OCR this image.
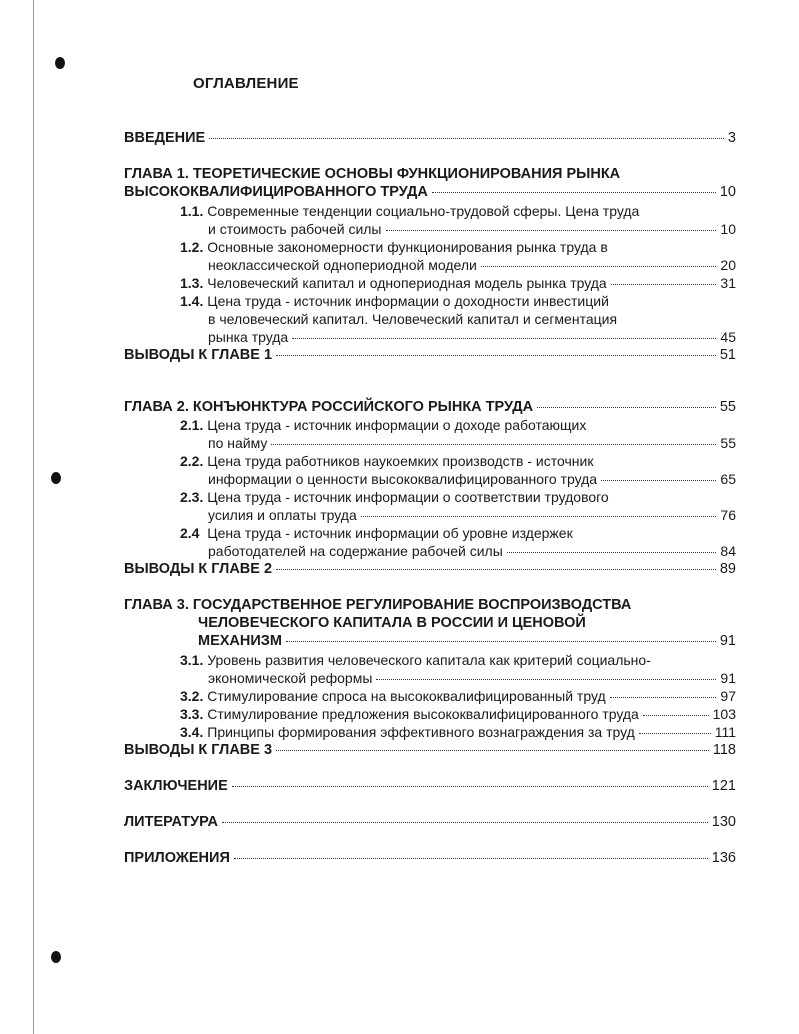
ОГЛАВЛЕНИЕ
ВВЕДЕНИЕ	3
ГЛАВА 1. ТЕОРЕТИЧЕСКИЕ ОСНОВЫ ФУНКЦИОНИРОВАНИЯ РЫНКА
ВЫСОКОКВАЛИФИЦИРОВАННОГО ТРУДА	10
1.1. Современные тенденции социально-трудовой сферы. Цена труда
и стоимость рабочей силы	10
1.2. Основные закономерности функционирования рынка труда в
неоклассической однопериодной модели	20
1.3. Человеческий капитал и однопериодная модель рынка труда	31
1.4. Цена труда - источник информации о доходности инвестиций
в человеческий капитал. Человеческий капитал и сегментация
рынка труда	45
ВЫВОДЫ К ГЛАВЕ 1	51
ГЛАВА 2. КОНЪЮНКТУРА РОССИЙСКОГО РЫНКА ТРУДА	55
2.1. Цена труда - источник информации о доходе работающих
по найму	55
2.2. Цена труда работников наукоемких производств - источник
информации о ценности высококвалифицированного труда	65
2.3. Цена труда - источник информации о соответствии трудового
усилия и оплаты труда	76
2.4 Цена труда - источник информации об уровне издержек
работодателей на содержание рабочей силы	84
ВЫВОДЫ К ГЛАВЕ 2	89
ГЛАВА 3. ГОСУДАРСТВЕННОЕ РЕГУЛИРОВАНИЕ ВОСПРОИЗВОДСТВА
ЧЕЛОВЕЧЕСКОГО КАПИТАЛА В РОССИИ И ЦЕНОВОЙ
МЕХАНИЗМ	91
3.1. Уровень развития человеческого капитала как критерий социально-
экономической реформы	91
3.2. Стимулирование спроса на высококвалифицированный труд	97
3.3. Стимулирование предложения высококвалифицированного труда	103
3.4. Принципы формирования эффективного вознаграждения за труд	111
ВЫВОДЫ К ГЛАВЕ 3	118
ЗАКЛЮЧЕНИЕ	121
ЛИТЕРАТУРА	130
ПРИЛОЖЕНИЯ	136
